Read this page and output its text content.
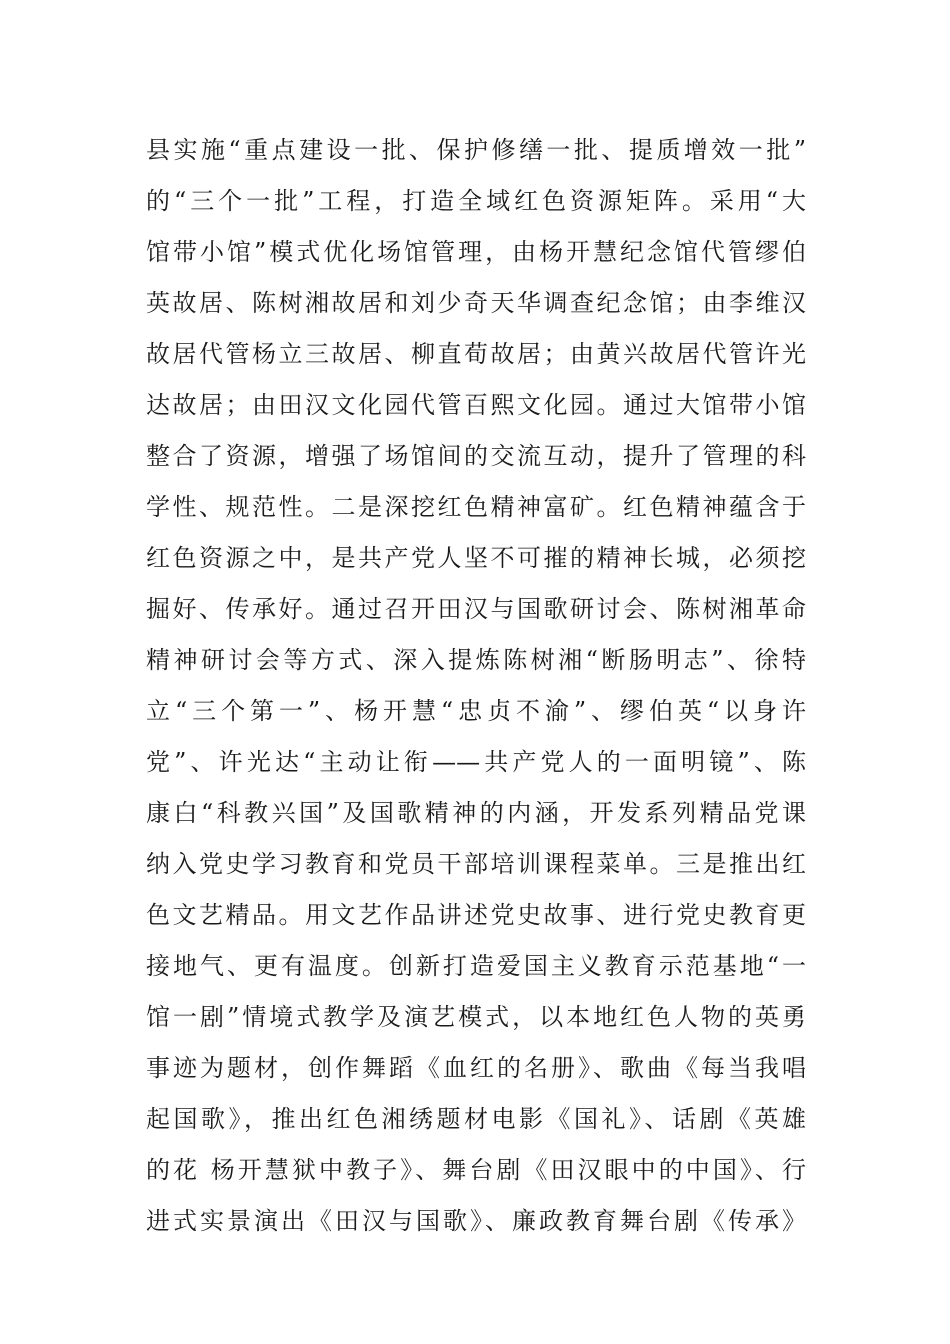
县实施“重点建设一批、保护修缮一批、提质增效一批”
的“三个一批”工程，打造全域红色资源矩阵。采用“大
馆带小馆”模式优化场馆管理，由杨开慧纪念馆代管缪伯
英故居、陈树湘故居和刘少奇天华调查纪念馆；由李维汉
故居代管杨立三故居、柳直荀故居；由黄兴故居代管许光
达故居；由田汉文化园代管百熙文化园。通过大馆带小馆
整合了资源，增强了场馆间的交流互动，提升了管理的科
学性、规范性。二是深挖红色精神富矿。红色精神蕴含于
红色资源之中，是共产党人坚不可摧的精神长城，必须挖
掘好、传承好。通过召开田汉与国歌研讨会、陈树湘革命
精神研讨会等方式、深入提炼陈树湘“断肠明志”、徐特
立“三个第一”、杨开慧“忠贞不渝”、缪伯英“以身许
党”、许光达“主动让衔——共产党人的一面明镜”、陈
康白“科教兴国”及国歌精神的内涵，开发系列精品党课
纳入党史学习教育和党员干部培训课程菜单。三是推出红
色文艺精品。用文艺作品讲述党史故事、进行党史教育更
接地气、更有温度。创新打造爱国主义教育示范基地“一
馆一剧”情境式教学及演艺模式，以本地红色人物的英勇
事迹为题材，创作舞蹈《血红的名册》、歌曲《每当我唱
起国歌》，推出红色湘绣题材电影《国礼》、话剧《英雄
的花 杨开慧狱中教子》、舞台剧《田汉眼中的中国》、行
进式实景演出《田汉与国歌》、廉政教育舞台剧《传承》
